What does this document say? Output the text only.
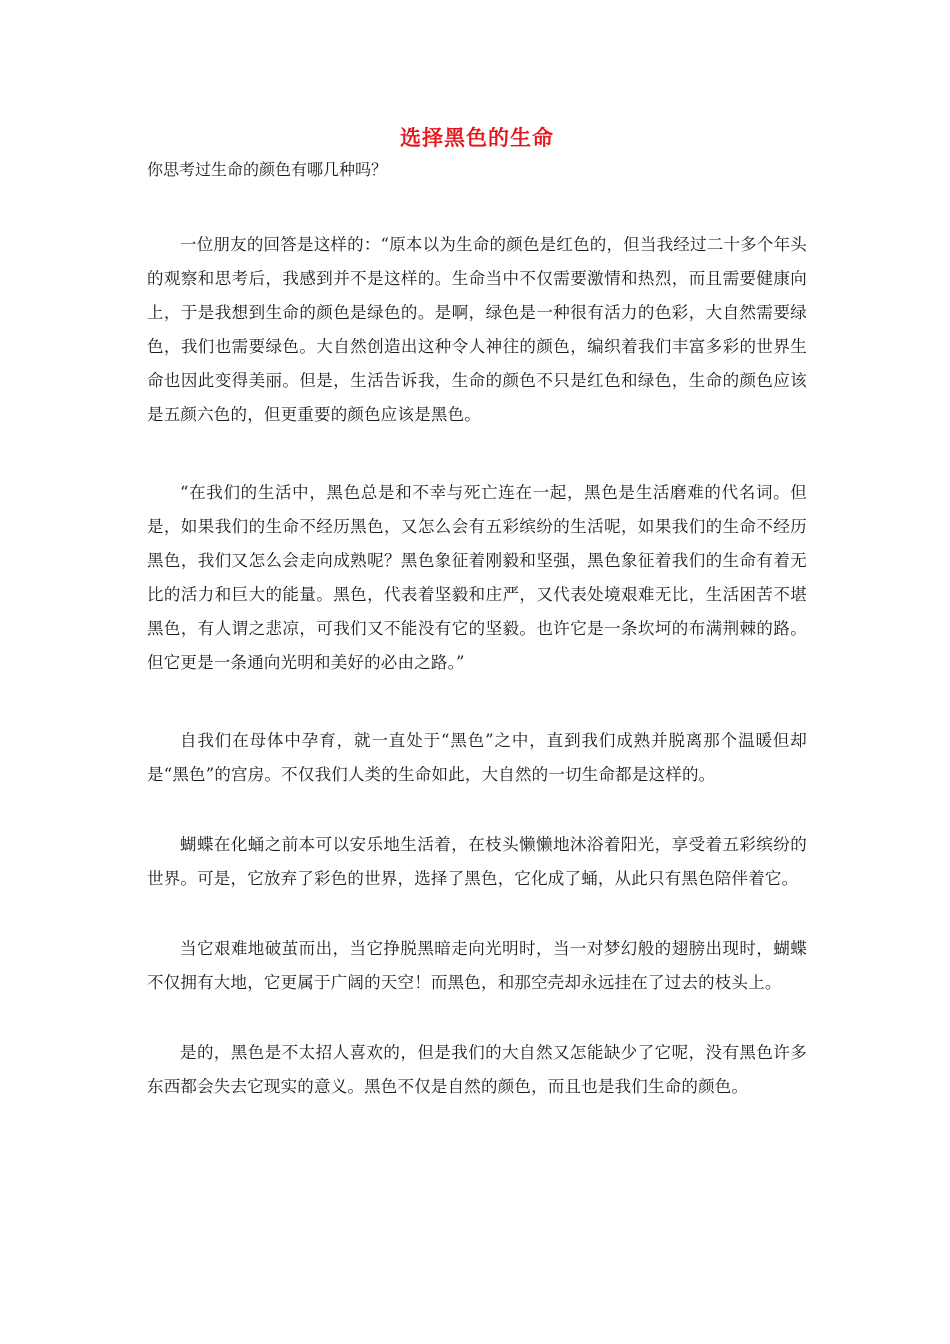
选择黑色的生命

你思考过生命的颜色有哪几种吗？

一位朋友的回答是这样的：“原本以为生命的颜色是红色的，但当我经过二十多个年头的观察和思考后，我感到并不是这样的。生命当中不仅需要激情和热烈，而且需要健康向上，于是我想到生命的颜色是绿色的。是啊，绿色是一种很有活力的色彩，大自然需要绿色，我们也需要绿色。大自然创造出这种令人神往的颜色，编织着我们丰富多彩的世界生命也因此变得美丽。但是，生活告诉我，生命的颜色不只是红色和绿色，生命的颜色应该是五颜六色的，但更重要的颜色应该是黑色。

“在我们的生活中，黑色总是和不幸与死亡连在一起，黑色是生活磨难的代名词。但是，如果我们的生命不经历黑色，又怎么会有五彩缤纷的生活呢，如果我们的生命不经历黑色，我们又怎么会走向成熟呢？黑色象征着刚毅和坚强，黑色象征着我们的生命有着无比的活力和巨大的能量。黑色，代表着坚毅和庄严，又代表处境艰难无比，生活困苦不堪黑色，有人谓之悲凉，可我们又不能没有它的坚毅。也许它是一条坎坷的布满荆棘的路。但它更是一条通向光明和美好的必由之路。”

自我们在母体中孕育，就一直处于“黑色”之中，直到我们成熟并脱离那个温暖但却是“黑色”的宫房。不仅我们人类的生命如此，大自然的一切生命都是这样的。

蝴蝶在化蛹之前本可以安乐地生活着，在枝头懒懒地沐浴着阳光，享受着五彩缤纷的世界。可是，它放弃了彩色的世界，选择了黑色，它化成了蛹，从此只有黑色陪伴着它。

当它艰难地破茧而出，当它挣脱黑暗走向光明时，当一对梦幻般的翅膀出现时，蝴蝶不仅拥有大地，它更属于广阔的天空！而黑色，和那空壳却永远挂在了过去的枝头上。

是的，黑色是不太招人喜欢的，但是我们的大自然又怎能缺少了它呢，没有黑色许多东西都会失去它现实的意义。黑色不仅是自然的颜色，而且也是我们生命的颜色。
